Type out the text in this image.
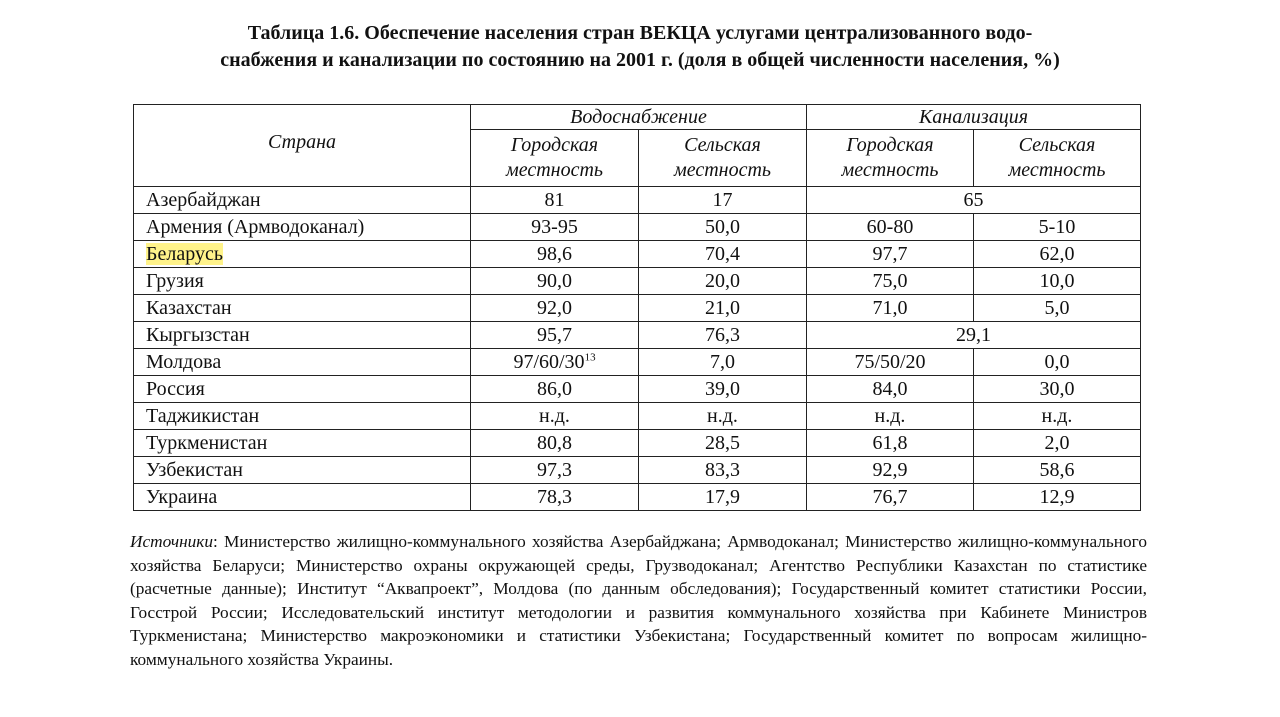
Таблица 1.6. Обеспечение населения стран ВЕКЦА услугами централизованного водо-
снабжения и канализации по состоянию на 2001 г. (доля в общей численности населения, %)
Страна	Водоснабжение		Канализация	
	Городская местность	Сельская местность	Городская местность	Сельская местность
Азербайджан	81	17	65	
Армения (Армводоканал)	93-95	50,0	60-80	5-10
Беларусь	98,6	70,4	97,7	62,0
Грузия	90,0	20,0	75,0	10,0
Казахстан	92,0	21,0	71,0	5,0
Кыргызстан	95,7	76,3	29,1	
Молдова	$97/60/30^{13}$	7,0	75/50/20	0,0
Россия	86,0	39,0	84,0	30,0
Таджикистан	н.д.	н.д.	н.д.	н.д.
Туркменистан	80,8	28,5	61,8	2,0
Узбекистан	97,3	83,3	92,9	58,6
Украина	78,3	17,9	76,7	12,9
Источники: Министерство жилищно-коммунального хозяйства Азербайджана; Армводоканал; Министерство жилищно-коммунального хозяйства Беларуси; Министерство охраны окружающей среды, Грузводоканал; Агентство Республики Казахстан по статистике (расчетные данные); Институт “Аквапроект”, Молдова (по данным обследования); Государственный комитет статистики России, Госстрой России; Исследовательский институт методологии и развития коммунального хозяйства при Кабинете Министров Туркменистана; Министерство макроэкономики и статистики Узбекистана; Государственный комитет по вопросам жилищно-коммунального хозяйства Украины.
